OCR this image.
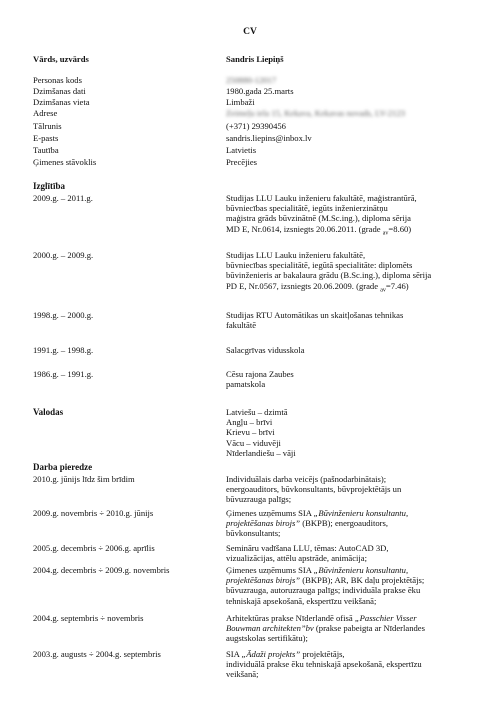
CV
Vārds, uzvārds	Sandris Liepiņš
Personas kods	250880-12017
Dzimšanas dati	1980.gada 25.marts
Dzimšanas vieta	Limbaži
Adrese	Zeimeļu iela 15, Kekava, Kekavas novads, LV-2123
Tālrunis	(+371) 29390456
E-pasts	sandris.liepins@inbox.lv
Tautība	Latvietis
Ģimenes stāvoklis	Precējies
Izglītība
2009.g. – 2011.g.	Studijas LLU Lauku inženieru fakultātē, maģistrantūrā,
būvniecības specialitātē, iegūts inženierzinātņu
maģistra grāds būvzinātnē (M.Sc.ing.), diploma sērija
MD E, Nr.0614, izsniegts 20.06.2011. (grade $_{av}$=8.60)
2000.g. – 2009.g.	Studijas LLU Lauku inženieru fakultātē,
būvniecības specialitātē, iegūtā specialitāte: diplomēts
būvinženieris ar bakalaura grādu (B.Sc.ing.), diploma sērija
PD E, Nr.0567, izsniegts 20.06.2009. (grade $_{av}$=7.46)
1998.g. – 2000.g.	Studijas RTU Automātikas un skaitļošanas tehnikas
fakultātē
1991.g. – 1998.g.	Salacgrīvas vidusskola
1986.g. – 1991.g.	Cēsu rajona Zaubes
pamatskola
Valodas	Latviešu – dzimtā
Angļu – brīvi
Krievu – brīvi
Vācu – viduvēji
Nīderlandiešu – vāji
Darba pieredze
2010.g. jūnijs līdz šim brīdim	Individuālais darba veicējs (pašnodarbinātais);
energoauditors, būvkonsultants, būvprojektētājs un
būvuzrauga palīgs;
2009.g. novembris ÷ 2010.g. jūnijs	Ģimenes uzņēmums SIA „Būvinženieru konsultantu,
projektēšanas birojs” (BKPB); energoauditors,
būvkonsultants;
2005.g. decembris ÷ 2006.g. aprīlis	Semināru vadīšana LLU, tēmas: AutoCAD 3D,
vizualizācijas, attēlu apstrāde, animācija;
2004.g. decembris ÷ 2009.g. novembris	Ģimenes uzņēmums SIA „Būvinženieru konsultantu,
projektēšanas birojs” (BKPB); AR, BK daļu projektētājs;
būvuzrauga, autoruzrauga palīgs; individuāla prakse ēku
tehniskajā apsekošanā, ekspertīzu veikšanā;
2004.g. septembris ÷ novembris	Arhitektūras prakse Nīderlandē ofisā „Passchier Visser
Bouwman architekten”bv (prakse pabeigta ar Nīderlandes
augstskolas sertifikātu);
2003.g. augusts ÷ 2004.g. septembris	SIA „Ādaži projekts” projektētājs,
individuālā prakse ēku tehniskajā apsekošanā, ekspertīzu
veikšanā;
